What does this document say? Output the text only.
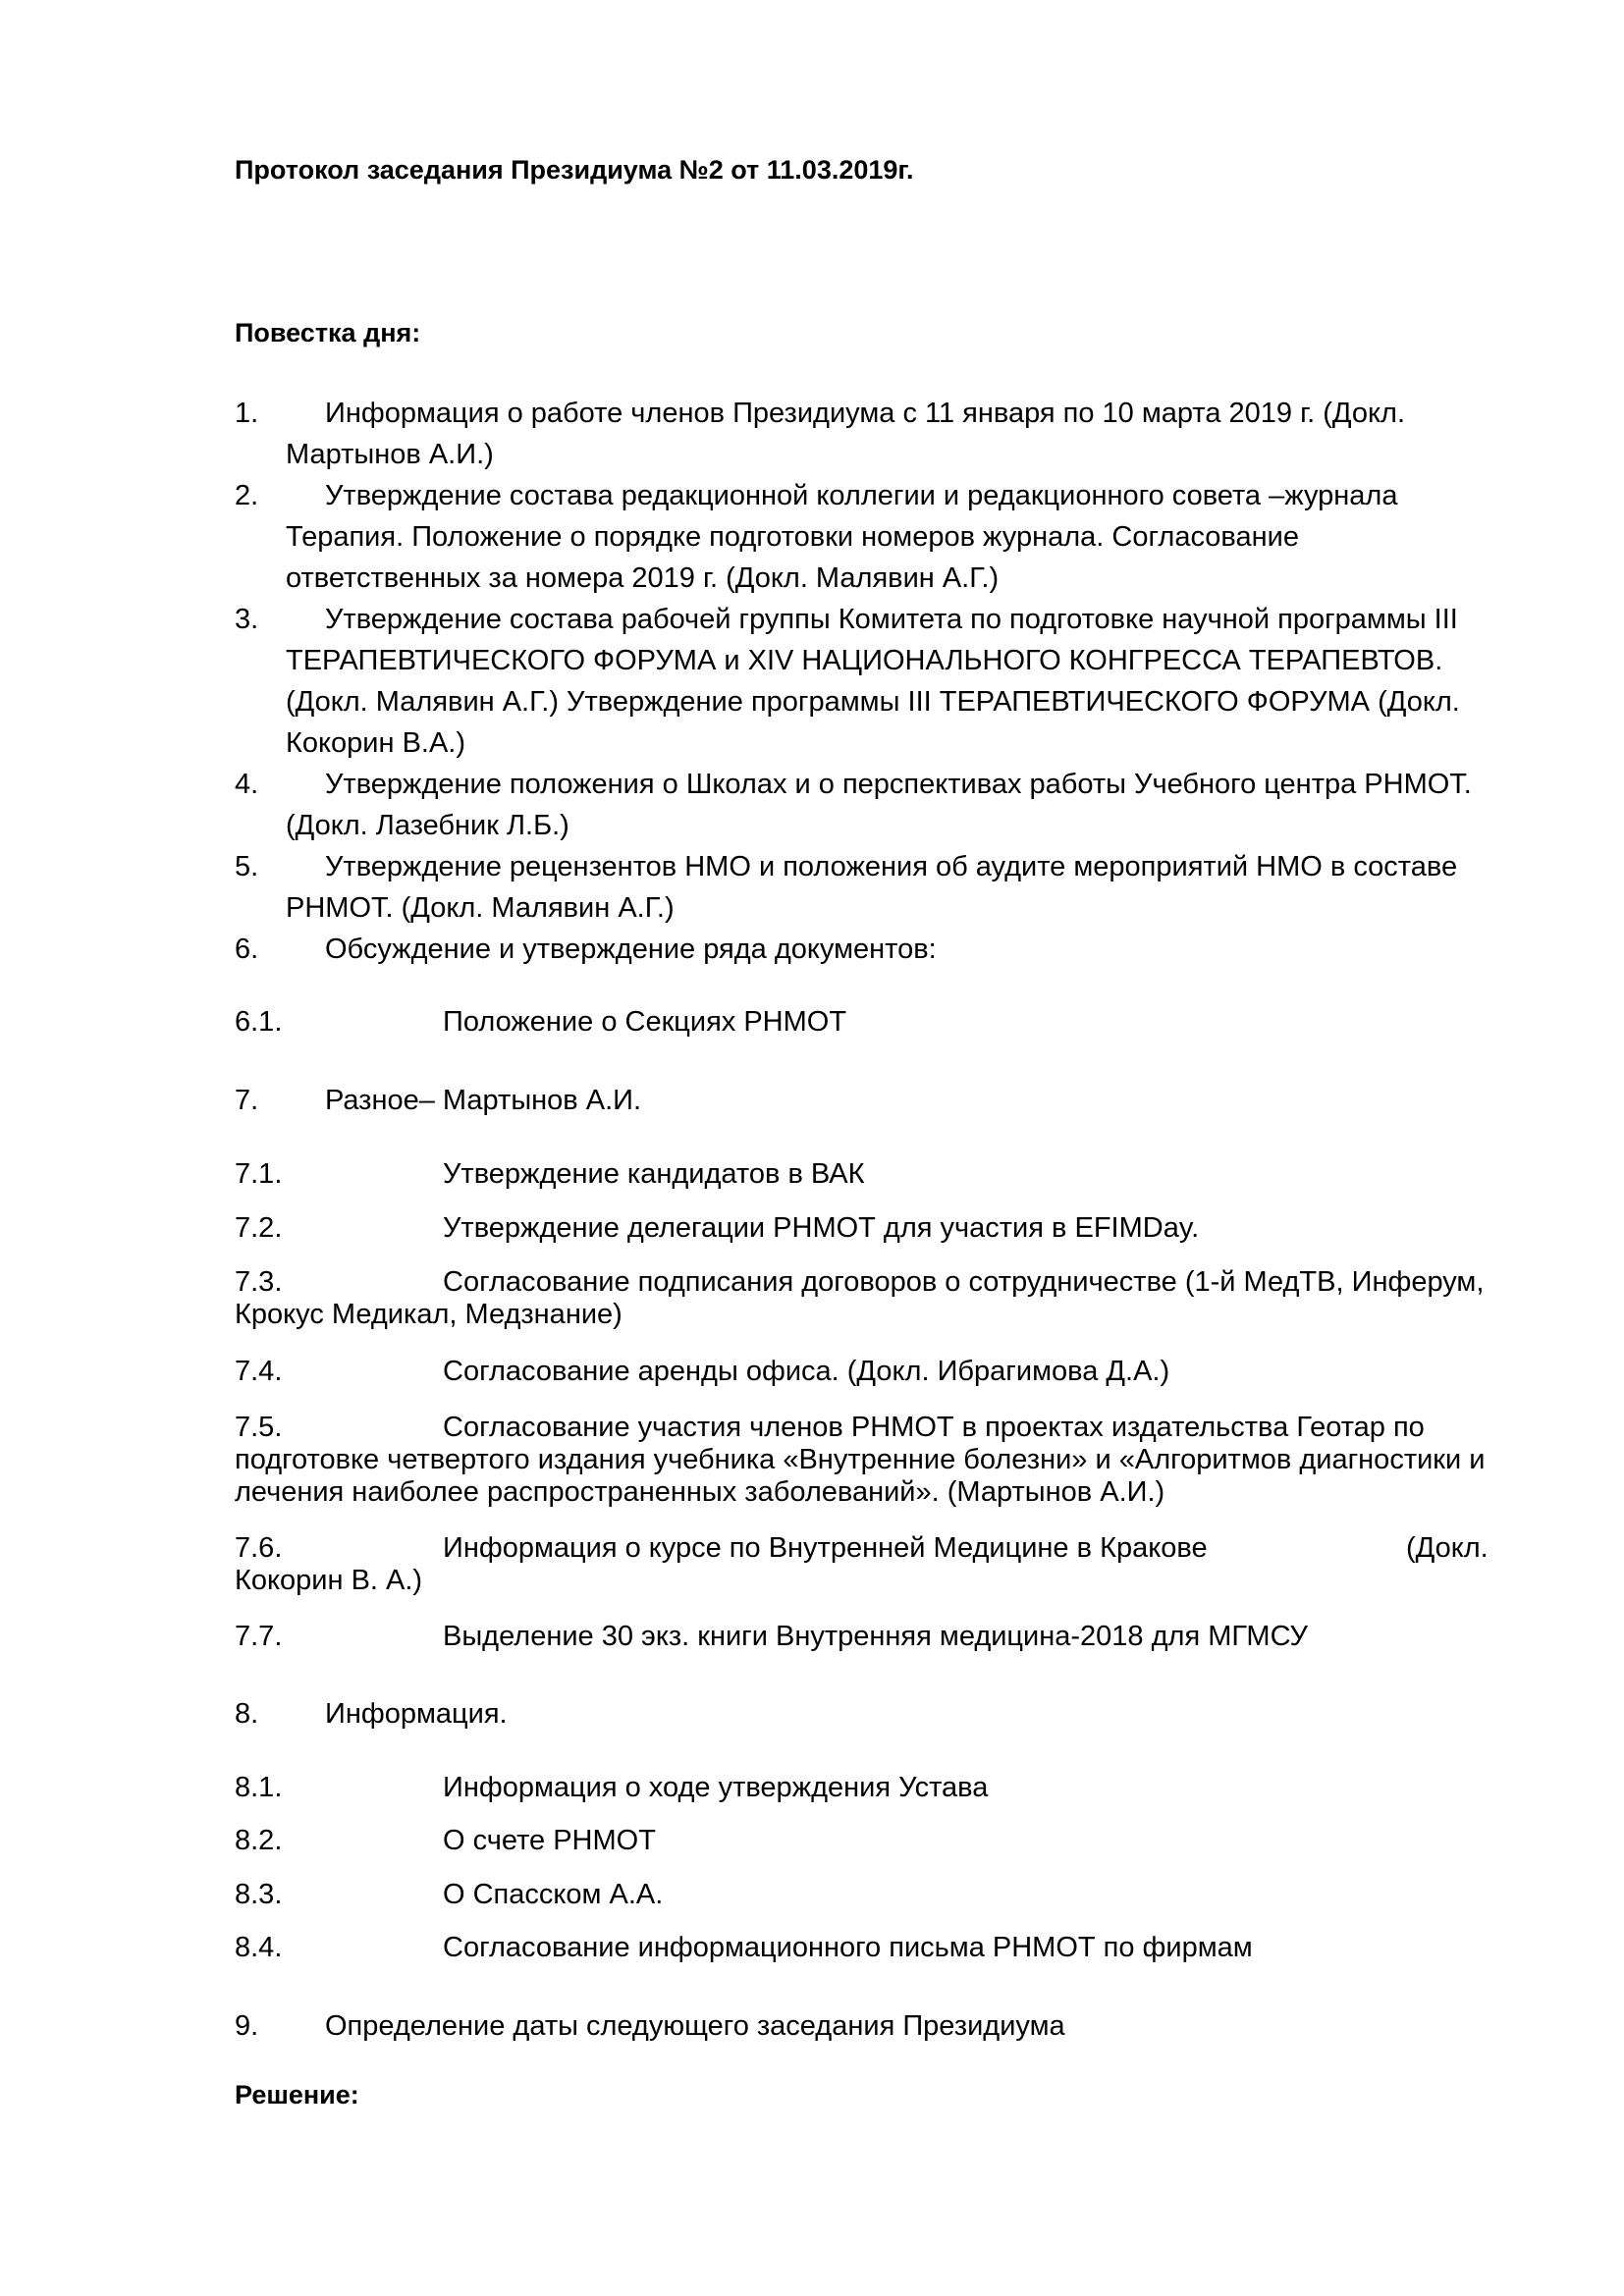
Протокол заседания Президиума №2 от 11.03.2019г.
Повестка дня:
1. Информация о работе членов Президиума с 11 января по 10 марта 2019 г. (Докл.
Мартынов А.И.)
2. Утверждение состава редакционной коллегии и редакционного совета –журнала
Терапия. Положение о порядке подготовки номеров журнала. Согласование
ответственных за номера 2019 г. (Докл. Малявин А.Г.)
3. Утверждение состава рабочей группы Комитета по подготовке научной программы III
ТЕРАПЕВТИЧЕСКОГО ФОРУМА и XIV НАЦИОНАЛЬНОГО КОНГРЕССА ТЕРАПЕВТОВ.
(Докл. Малявин А.Г.) Утверждение программы III ТЕРАПЕВТИЧЕСКОГО ФОРУМА (Докл.
Кокорин В.А.)
4. Утверждение положения о Школах и о перспективах работы Учебного центра РНМОТ.
(Докл. Лазебник Л.Б.)
5. Утверждение рецензентов НМО и положения об аудите мероприятий НМО в составе
РНМОТ. (Докл. Малявин А.Г.)
6. Обсуждение и утверждение ряда документов:
6.1.	Положение о Секциях РНМОТ
7. Разное– Мартынов А.И.
7.1.	Утверждение кандидатов в ВАК
7.2.	Утверждение делегации РНМОТ для участия в EFIMDay.
7.3.	Согласование подписания договоров о сотрудничестве (1-й МедТВ, Инферум,
Крокус Медикал, Медзнание)
7.4.	Согласование аренды офиса. (Докл. Ибрагимова Д.А.)
7.5.	Согласование участия членов РНМОТ в проектах издательства Геотар по
подготовке четвертого издания учебника «Внутренние болезни» и «Алгоритмов диагностики и
лечения наиболее распространенных заболеваний». (Мартынов А.И.)
7.6.	Информация о курсе по Внутренней Медицине в Кракове	(Докл.
Кокорин В. А.)
7.7.	Выделение 30 экз. книги Внутренняя медицина-2018 для МГМСУ
8. Информация.
8.1.	Информация о ходе утверждения Устава
8.2.	О счете РНМОТ
8.3.	О Спасском А.А.
8.4.	Согласование информационного письма РНМОТ по фирмам
9. Определение даты следующего заседания Президиума
Решение:
